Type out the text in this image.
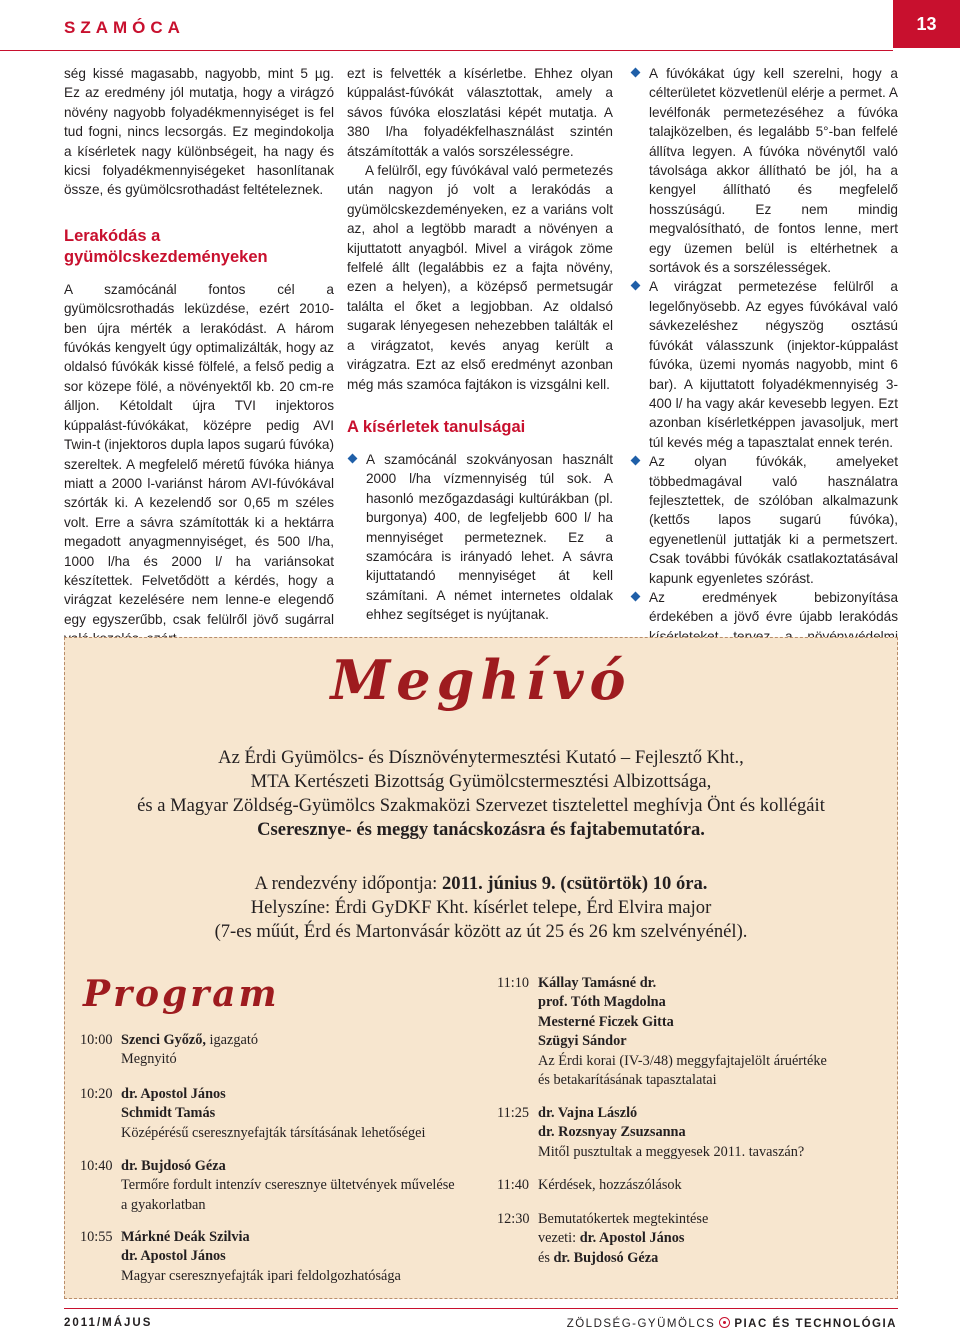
SZAMÓCA	13

ség kissé magasabb, nagyobb, mint 5 µg. Ez az eredmény jól mutatja, hogy a virágzó növény nagyobb folyadékmennyiséget is fel tud fogni, nincs lecsorgás. Ez megindokolja a kísérletek nagy különbségeit, ha nagy és kicsi folyadékmennyiségeket hasonlítanak össze, és gyümölcsrothadást feltételeznek.

Lerakódás a gyümölcskezdeményeken

A szamócánál fontos cél a gyümölcsrothadás leküzdése, ezért 2010-ben újra mérték a lerakódást. A három fúvókás kengyelt úgy optimalizálták, hogy az oldalsó fúvókák kissé fölfelé, a felső pedig a sor közepe fölé, a növényektől kb. 20 cm-re álljon. Kétoldalt újra TVI injektoros kúppalást-fúvókákat, középre pedig AVI Twin-t (injektoros dupla lapos sugarú fúvóka) szereltek. A megfelelő méretű fúvóka hiánya miatt a 2000 l-variánst három AVI-fúvókával szórták ki. A kezelendő sor 0,65 m széles volt. Erre a sávra számították ki a hektárra megadott anyagmennyiséget, és 500 l/ha, 1000 l/ha és 2000 l/ ha variánsokat készítettek. Felvetődött a kérdés, hogy a virágzat kezelésére nem lenne-e elegendő egy egyszerűbb, csak felülről jövő sugárral

ezt is felvették a kísérletbe. Ehhez olyan kúppalást-fúvókát választottak, amely a sávos fúvóka eloszlatási képét mutatja. A 380 l/ha folyadékfelhasználást szintén átszámították a valós sorszélességre.

A felülről, egy fúvókával való permetezés után nagyon jó volt a lerakódás a gyümölcskezdeményeken, ez a variáns volt az, ahol a legtöbb maradt a növényen a kijuttatott anyagból. Mivel a virágok zöme felfelé állt (legalábbis ez a fajta növény, ezen a helyen), a középső permetsugár találta el őket a legjobban. Az oldalsó sugarak lényegesen nehezebben találták el a virágzatot, kevés anyag került a virágzatra. Ezt az első eredményt azonban még más szamóca fajtákon is vizsgálni kell.

A kísérletek tanulságai
A szamócánál szokványosan használt 2000 l/ha vízmennyiség túl sok. A hasonló mezőgazdasági kultúrákban (pl. burgonya) 400, de legfeljebb 600 l/ ha mennyiséget permeteznek. Ez a szamócára is irányadó lehet. A sávra kijuttatandó mennyiséget át kell számítani. A német internetes oldalak ehhez segítséget is nyújtanak.
A fúvókákat úgy kell szerelni, hogy a célterületet közvetlenül elérje a permet. A levélfonák permetezéséhez a fúvóka talajközelben, és legalább 5°-ban felfelé állítva legyen. A fúvóka növénytől való távolsága akkor állítható be jól, ha a kengyel állítható és megfelelő hosszúságú. Ez nem mindig megvalósítható, de fontos lenne, mert egy üzemen belül is eltérhetnek a sortávok és a sorszélességek.
A virágzat permetezése felülről a legelőnyösebb. Az egyes fúvókával való sávkezeléshez négyszög osztású fúvókát válasszunk (injektor-kúppalást fúvóka, üzemi nyomás nagyobb, mint 6 bar). A kijuttatott folyadékmennyiség 3-400 l/ ha vagy akár kevesebb legyen. Ezt azonban kísérletképpen javasoljuk, mert túl kevés még a tapasztalat ennek terén.
Az olyan fúvókák, amelyeket többedmagával való használatra fejlesztettek, de szólóban alkalmazunk (kettős lapos sugarú fúvóka), egyenetlenül juttatják ki a permetszert. Csak további fúvókák csatlakoztatásával kapunk egyenletes szórást.
Az eredmények bebizonyítása érdekében a jövő évre újabb lerakódás
Meghívó
Az Érdi Gyümölcs- és Dísznövénytermesztési Kutató – Fejlesztő Kht.,
MTA Kertészeti Bizottság Gyümölcstermesztési Albizottsága,
és a Magyar Zöldség-Gyümölcs Szakmaközi Szervezet tisztelettel meghívja Önt és kollégáit
Cseresznye- és meggy tanácskozásra és fajtabemutatóra.
A rendezvény időpontja: 2011. június 9. (csütörtök) 10 óra.
Helyszíne: Érdi GyDKF Kht. kísérlet telepe, Érd Elvira major
(7-es műút, Érd és Martonvásár között az út 25 és 26 km szelvényénél).
Program
10:00 Szenci Győző, igazgató
Megnyitó
10:20 dr. Apostol János
Schmidt Tamás
Középérésű cseresznyefajták társításának lehetőségei
10:40 dr. Bujdosó Géza
Termőre fordult intenzív cseresznye ültetvények művelése
a gyakorlatban
10:55 Márkné Deák Szilvia
dr. Apostol János
Magyar cseresznyefajták ipari feldolgozhatósága
11:10 Kállay Tamásné dr.
prof. Tóth Magdolna
Mesterné Ficzek Gitta
Szügyi Sándor
Az Érdi korai (IV-3/48) meggyfajtajelölt áruértéke
és betakarításának tapasztalatai
11:25 dr. Vajna László
dr. Rozsnyay Zsuzsanna
Mitől pusztultak a meggyesek 2011. tavaszán?
11:40 Kérdések, hozzászólások
12:30 Bemutatókertek megtekintése
vezeti: dr. Apostol János
és dr. Bujdosó Géza
2011/MÁJUS	ZÖLDSÉG-GYÜMÖLCS PIAC ÉS TECHNOLÓGIA
